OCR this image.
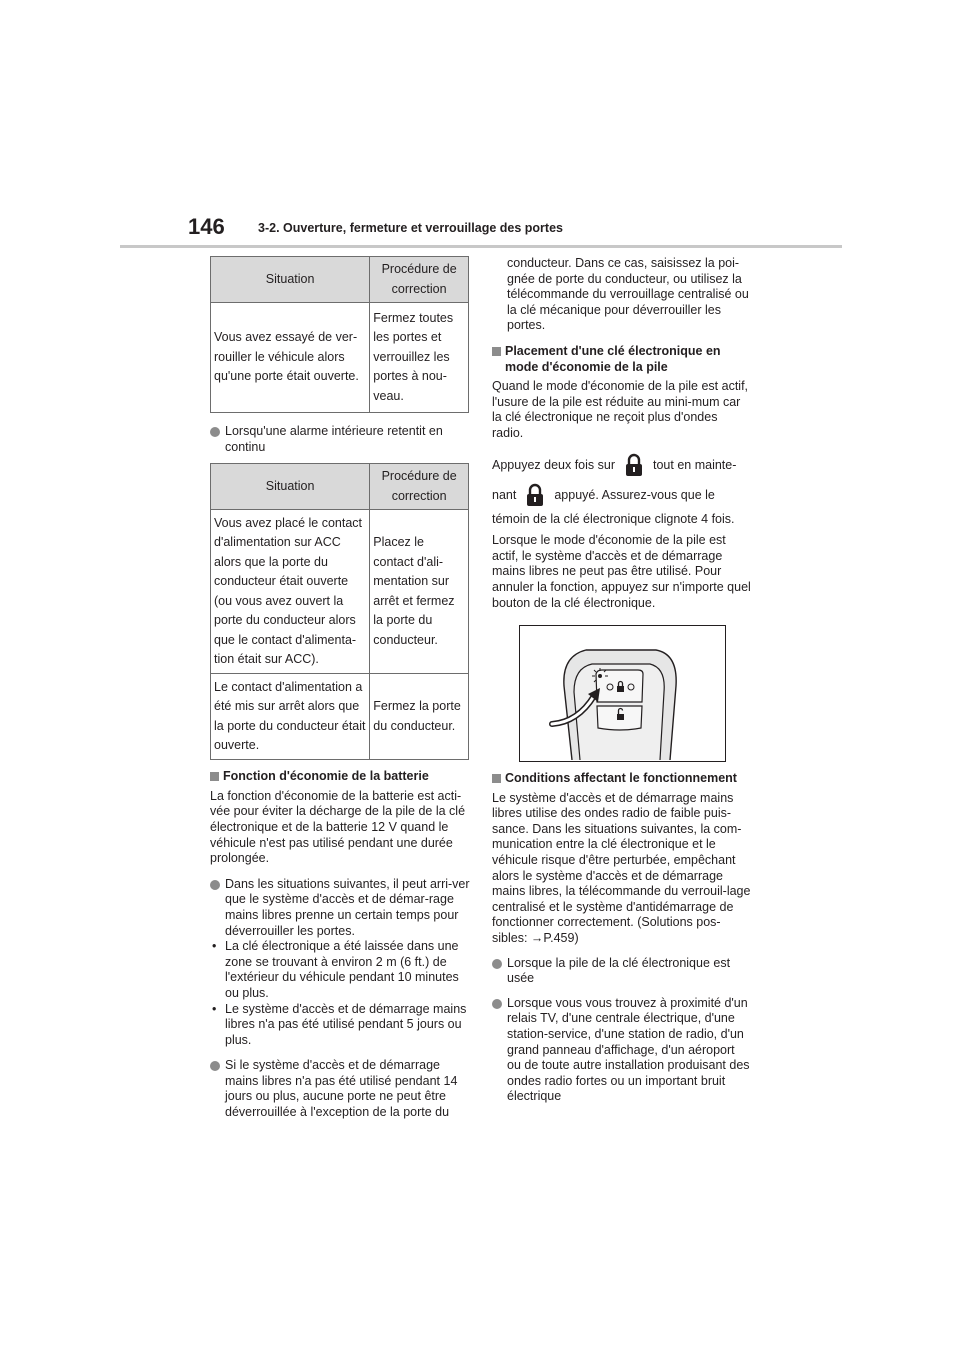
146	3-2. Ouverture, fermeture et verrouillage des portes
Situation	Procédure de correction
Vous avez essayé de ver-rouiller le véhicule alors qu'une porte était ouverte.	Fermez toutes les portes et verrouillez les portes à nou-veau.
Lorsqu'une alarme intérieure retentit en continu
Situation	Procédure de correction
Vous avez placé le contact d'alimentation sur ACC alors que la porte du conducteur était ouverte (ou vous avez ouvert la porte du conducteur alors que le contact d'alimenta-tion était sur ACC).	Placez le contact d'ali-mentation sur arrêt et fermez la porte du conducteur.
Le contact d'alimentation a été mis sur arrêt alors que la porte du conducteur était ouverte.	Fermez la porte du conducteur.
Fonction d'économie de la batterie
La fonction d'économie de la batterie est acti-vée pour éviter la décharge de la pile de la clé électronique et de la batterie 12 V quand le véhicule n'est pas utilisé pendant une durée prolongée.
Dans les situations suivantes, il peut arri-ver que le système d'accès et de démar-rage mains libres prenne un certain temps pour déverrouiller les portes.
• La clé électronique a été laissée dans une zone se trouvant à environ 2 m (6 ft.) de l'extérieur du véhicule pendant 10 minutes ou plus.
• Le système d'accès et de démarrage mains libres n'a pas été utilisé pendant 5 jours ou plus.
Si le système d'accès et de démarrage mains libres n'a pas été utilisé pendant 14 jours ou plus, aucune porte ne peut être déverrouillée à l'exception de la porte du
conducteur. Dans ce cas, saisissez la poi-gnée de porte du conducteur, ou utilisez la télécommande du verrouillage centralisé ou la clé mécanique pour déverrouiller les portes.
Placement d'une clé électronique en mode d'économie de la pile
Quand le mode d'économie de la pile est actif, l'usure de la pile est réduite au mini-mum car la clé électronique ne reçoit plus d'ondes radio.
Appuyez deux fois sur	tout en mainte-
nant	appuyé. Assurez-vous que le
témoin de la clé électronique clignote 4 fois.
Lorsque le mode d'économie de la pile est actif, le système d'accès et de démarrage mains libres ne peut pas être utilisé. Pour annuler la fonction, appuyez sur n'importe quel bouton de la clé électronique.
Conditions affectant le fonctionnement
Le système d'accès et de démarrage mains libres utilise des ondes radio de faible puis-sance. Dans les situations suivantes, la com-munication entre la clé électronique et le véhicule risque d'être perturbée, empêchant alors le système d'accès et de démarrage mains libres, la télécommande du verrouil-lage centralisé et le système d'antidémarrage de fonctionner correctement. (Solutions pos-sibles: →P.459)
Lorsque la pile de la clé électronique est usée
Lorsque vous vous trouvez à proximité d'un relais TV, d'une centrale électrique, d'une station-service, d'une station de radio, d'un grand panneau d'affichage, d'un aéroport ou de toute autre installation produisant des ondes radio fortes ou un important bruit électrique
